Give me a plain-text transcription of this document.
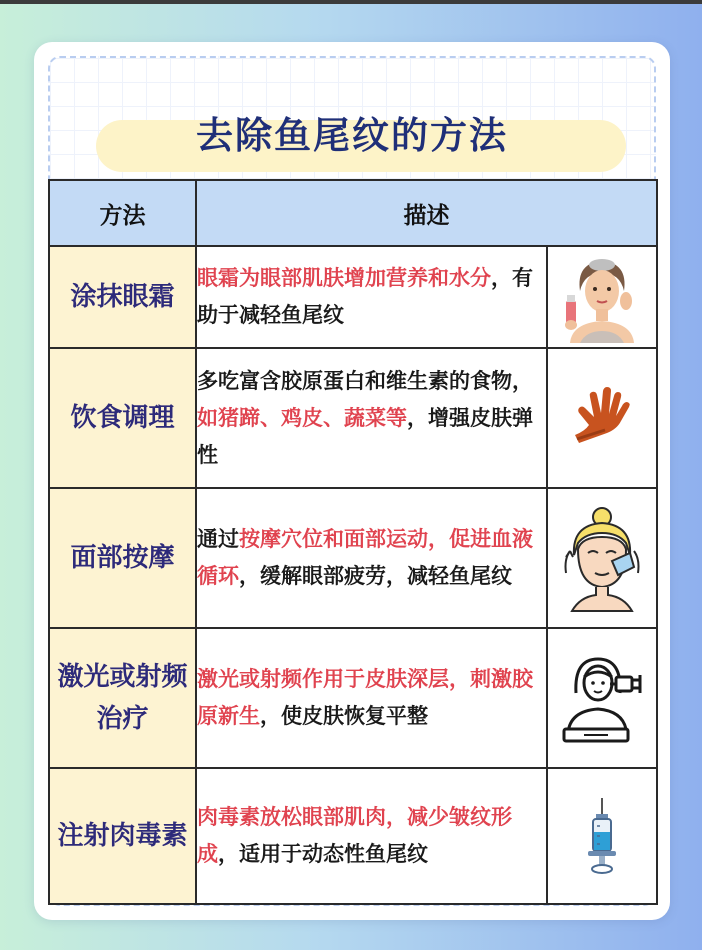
去除鱼尾纹的方法
方法	描述	
涂抹眼霜	眼霜为眼部肌肤增加营养和水分，有助于减轻鱼尾纹	

饮食调理	多吃富含胶原蛋白和维生素的食物，如猪蹄、鸡皮、蔬菜等，增强皮肤弹性	

面部按摩	通过按摩穴位和面部运动，促进血液循环，缓解眼部疲劳，减轻鱼尾纹	

激光或射频治疗	激光或射频作用于皮肤深层，刺激胶原新生，使皮肤恢复平整	

注射肉毒素	肉毒素放松眼部肌肉，减少皱纹形成，适用于动态性鱼尾纹	
